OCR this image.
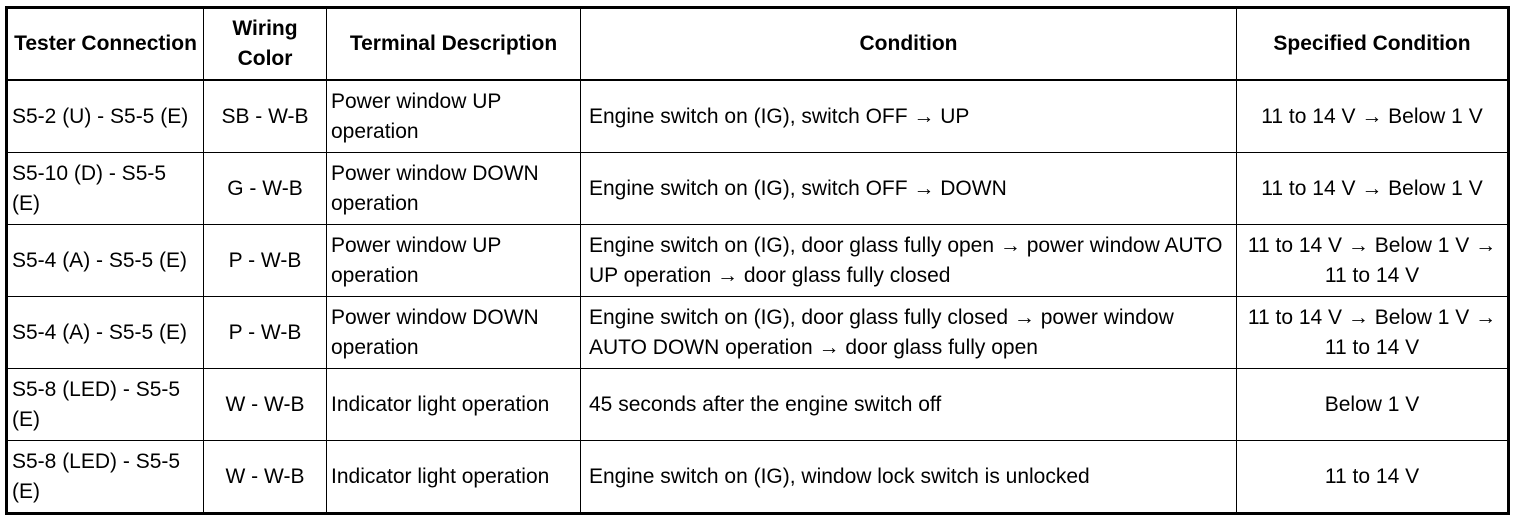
Tester Connection	Wiring Color	Terminal Description	Condition	Specified Condition
S5-2 (U) - S5-5 (E)	SB - W-B	Power window UP operation	Engine switch on (IG), switch OFF → UP	11 to 14 V → Below 1 V
S5-10 (D) - S5-5 (E)	G - W-B	Power window DOWN operation	Engine switch on (IG), switch OFF → DOWN	11 to 14 V → Below 1 V
S5-4 (A) - S5-5 (E)	P - W-B	Power window UP operation	Engine switch on (IG), door glass fully open → power window AUTO UP operation → door glass fully closed	11 to 14 V → Below 1 V → 11 to 14 V
S5-4 (A) - S5-5 (E)	P - W-B	Power window DOWN operation	Engine switch on (IG), door glass fully closed → power window AUTO DOWN operation → door glass fully open	11 to 14 V → Below 1 V → 11 to 14 V
S5-8 (LED) - S5-5 (E)	W - W-B	Indicator light operation	45 seconds after the engine switch off	Below 1 V
S5-8 (LED) - S5-5 (E)	W - W-B	Indicator light operation	Engine switch on (IG), window lock switch is unlocked	11 to 14 V
